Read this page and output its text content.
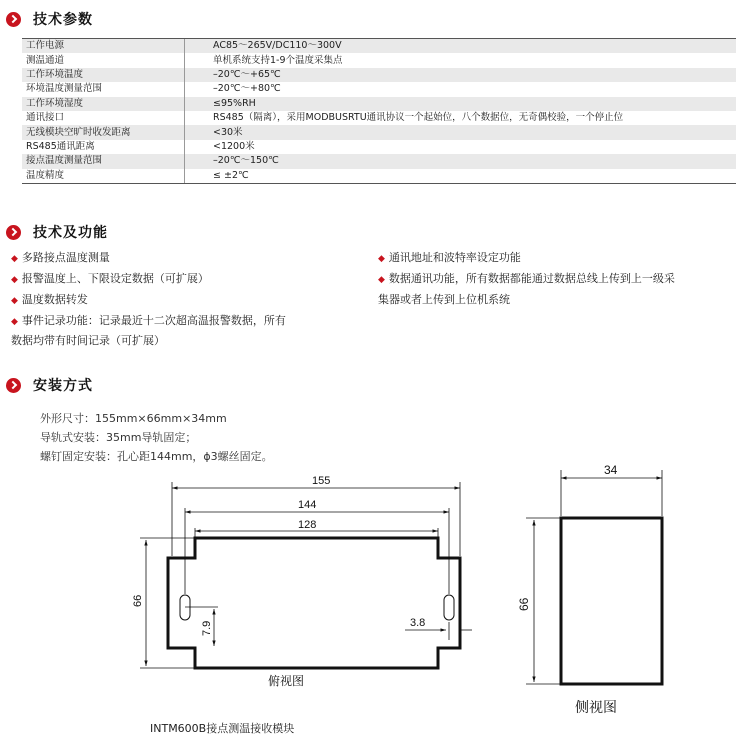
技术参数
工作电源	AC85～265V/DC110～300V
测温通道	单机系统支持1-9个温度采集点
工作环境温度	–20℃～+65℃
环境温度测量范围	–20℃～+80℃
工作环境湿度	≤95%RH
通讯接口	RS485（隔离），采用MODBUSRTU通讯协议一个起始位，八个数据位，无奇偶校验，一个停止位
无线模块空旷时收发距离	<30米
RS485通讯距离	<1200米
接点温度测量范围	–20℃～150℃
温度精度	≤ ±2℃
技术及功能
◆ 多路接点温度测量
◆ 报警温度上、下限设定数据（可扩展）
◆ 温度数据转发
◆ 事件记录功能：记录最近十二次超高温报警数据，所有
数据均带有时间记录（可扩展）
◆ 通讯地址和波特率设定功能
◆ 数据通讯功能，所有数据都能通过数据总线上传到上一级采
集器或者上传到上位机系统
安装方式
外形尺寸：155mm×66mm×34mm
导轨式安装：35mm导轨固定；
螺钉固定安装：孔心距144mm，ϕ3螺丝固定。
155
144
128
66
7.9	3.8
34
66
俯视图
侧视图
INTM600B接点测温接收模块
